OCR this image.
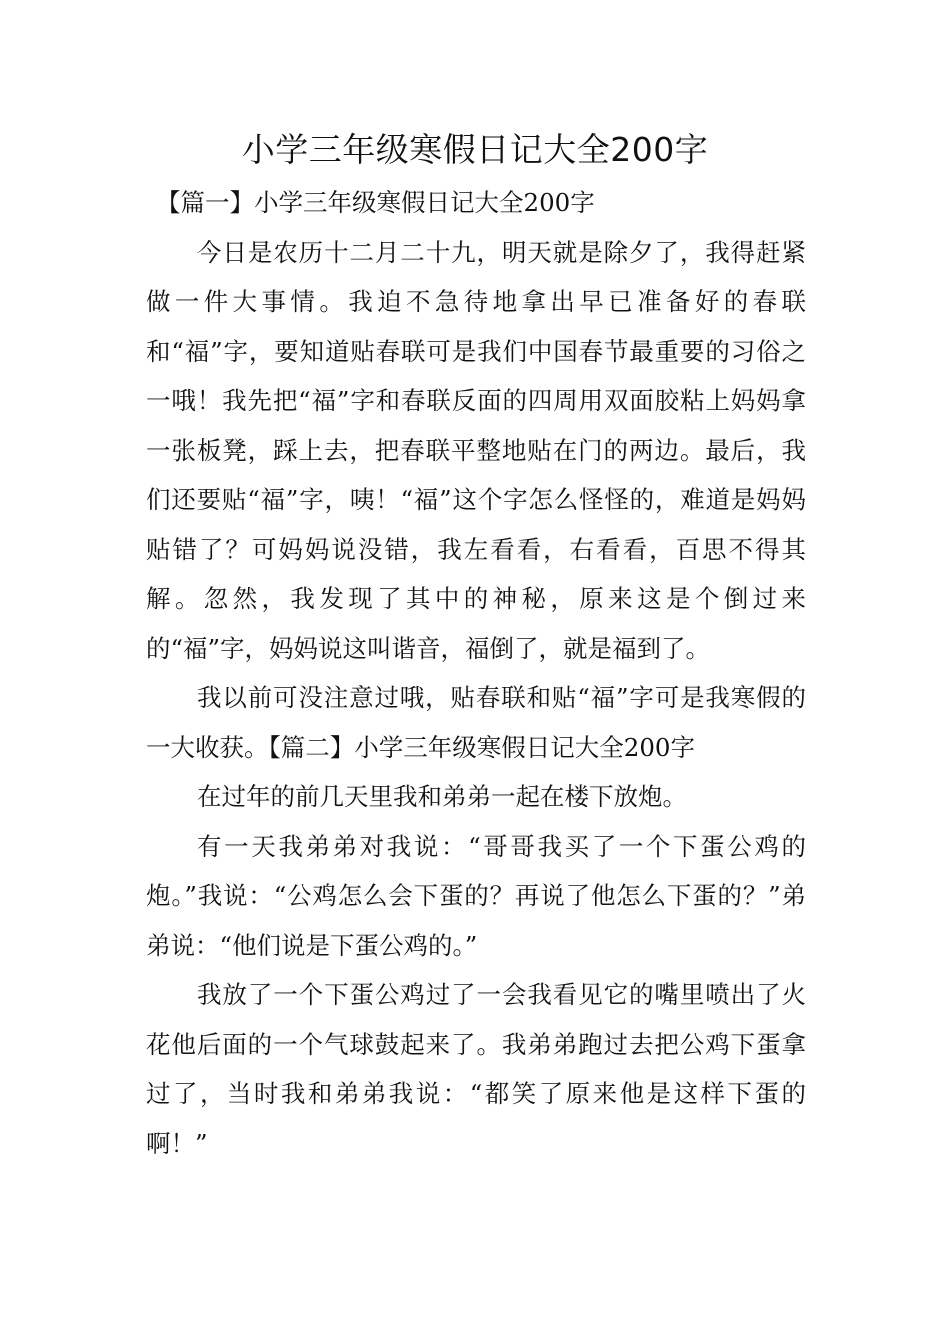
小学三年级寒假日记大全200字

【篇一】小学三年级寒假日记大全200字

今日是农历十二月二十九，明天就是除夕了，我得赶紧做一件大事情。我迫不急待地拿出早已准备好的春联和“福”字，要知道贴春联可是我们中国春节最重要的习俗之一哦！我先把“福”字和春联反面的四周用双面胶粘上妈妈拿一张板凳，踩上去，把春联平整地贴在门的两边。最后，我们还要贴“福”字，咦！“福”这个字怎么怪怪的，难道是妈妈贴错了？可妈妈说没错，我左看看，右看看，百思不得其解。忽然，我发现了其中的神秘，原来这是个倒过来的“福”字，妈妈说这叫谐音，福倒了，就是福到了。

我以前可没注意过哦，贴春联和贴“福”字可是我寒假的一大收获。【篇二】小学三年级寒假日记大全200字

在过年的前几天里我和弟弟一起在楼下放炮。

有一天我弟弟对我说：“哥哥我买了一个下蛋公鸡的炮。”我说：“公鸡怎么会下蛋的？再说了他怎么下蛋的？”弟弟说：“他们说是下蛋公鸡的。”

我放了一个下蛋公鸡过了一会我看见它的嘴里喷出了火花他后面的一个气球鼓起来了。我弟弟跑过去把公鸡下蛋拿过了，当时我和弟弟我说：“都笑了原来他是这样下蛋的啊！”
